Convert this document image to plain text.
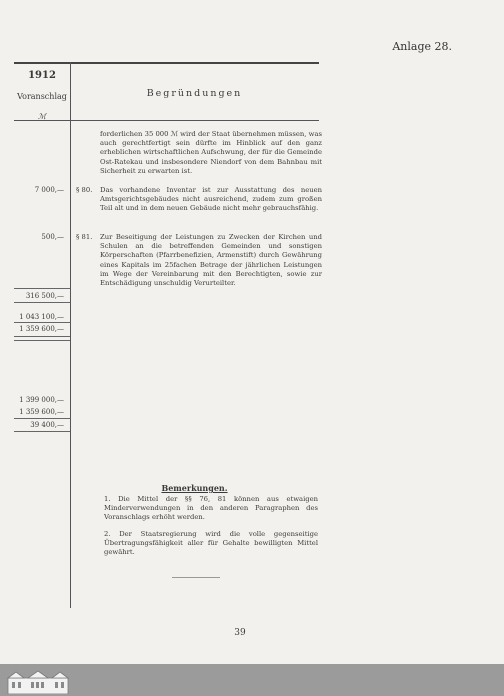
Anlage 28.
1912
Voranschlag
ℳ
Begründungen
forderlichen 35 000 ℳ wird der Staat übernehmen müssen, was auch gerechtfertigt sein dürfte im Hinblick auf den ganz erheblichen wirtschaftlichen Aufschwung, der für die Gemeinde Ost-Ratekau und insbesondere Niendorf von dem Bahnbau mit Sicherheit zu erwarten ist.
7 000,— § 80. Das vorhandene Inventar ist zur Ausstattung des neuen Amtsgerichtsgebäudes nicht ausreichend, zudem zum großen Teil alt und in dem neuen Gebäude nicht mehr gebrauchsfähig.
500,— § 81. Zur Beseitigung der Leistungen zu Zwecken der Kirchen und Schulen an die betreffenden Gemeinden und sonstigen Körperschaften (Pfarrbenefizien, Armenstift) durch Gewährung eines Kapitals im 25fachen Betrage der jährlichen Leistungen im Wege der Vereinbarung mit den Berechtigten, sowie zur Entschädigung unschuldig Verurteilter.
316 500,—
1 043 100,—
1 359 600,—
1 399 000,—
1 359 600,—
39 400,—
Bemerkungen.
1. Die Mittel der §§ 76, 81 können aus etwaigen Minderverwendungen in den anderen Paragraphen des Voranschlags erhöht werden.
2. Der Staatsregierung wird die volle gegenseitige Übertragungsfähigkeit aller für Gehalte bewilligten Mittel gewährt.
39
